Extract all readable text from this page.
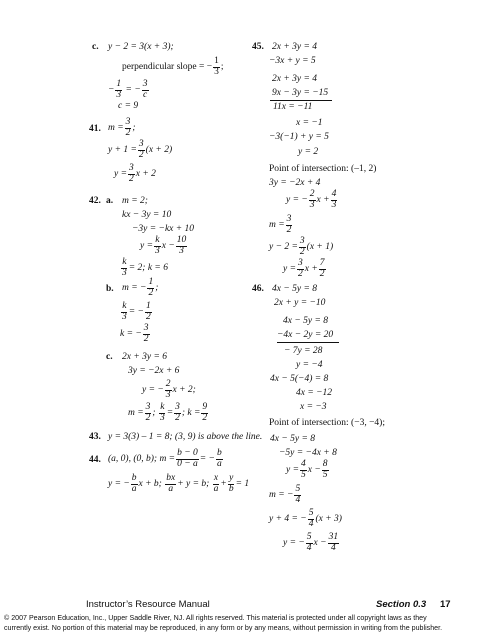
c. y − 2 = 3(x + 3);
perpendicular slope = − $\frac{1}{3}$ ;
− $\frac{1}{3}$ = − $\frac{3}{c}$
c = 9
41. $m = \frac{3}{2}$ ;
$y + 1 = \frac{3}{2} (x + 2)$
$y = \frac{3}{2}$ x + 2
42. a. m = 2;
kx − 3y = 10
−3y = −kx + 10
$y = \frac{k}{3}$ $x - \frac{10}{3}$
$\frac{k}{3} = 2$; k = 6
b. m = − $\frac{1}{2}$ ;
$\frac{k}{3}$ = − $\frac{1}{2}$
k = − $\frac{3}{2}$
c. 2x + 3y = 6
3y = −2x + 6
y = − $\frac{2}{3}$ x + 2;
$m = \frac{3}{2}$ ; $\frac{k}{3} = \frac{3}{2}$ ; $k = \frac{9}{2}$
43. y = 3(3) – 1 = 8; (3, 9) is above the line.
44. (a, 0), (0, b); $m = \frac{b - 0}{0 - a}$ = − $\frac{b}{a}$
y = − $\frac{b}{a}$ x + b; $\frac{bx}{a} + y = b$; $\frac{x}{a} + \frac{y}{b} = 1$
45. 2x + 3y = 4
−3x + y = 5
2x + 3y = 4
9x − 3y = −15
11x = −11
x = −1
−3(−1) + y = 5
y = 2
Point of intersection: (–1, 2)
3y = −2x + 4
y = − $\frac{2}{3}$ $x + \frac{4}{3}$
$m = \frac{3}{2}$
$y - 2 = \frac{3}{2} (x + 1)$
$y = \frac{3}{2}$ $x + \frac{7}{2}$
46. 4x − 5y = 8
2x + y = −10
4x − 5y = 8
−4x − 2y = 20
− 7y = 28
y = −4
4x − 5(−4) = 8
4x = −12
x = −3
Point of intersection: (−3, −4);
4x − 5y = 8
−5y = −4x + 8
$y = \frac{4}{5}$ $x - \frac{8}{5}$
m = − $\frac{5}{4}$
y + 4 = − $\frac{5}{4} (x + 3)$
y = − $\frac{5}{4}$ $x - \frac{31}{4}$
Instructor’s Resource Manual	Section 0.3 17
© 2007 Pearson Education, Inc., Upper Saddle River, NJ. All rights reserved. This material is protected under all copyright laws as they
currently exist. No portion of this material may be reproduced, in any form or by any means, without permission in writing from the publisher.
